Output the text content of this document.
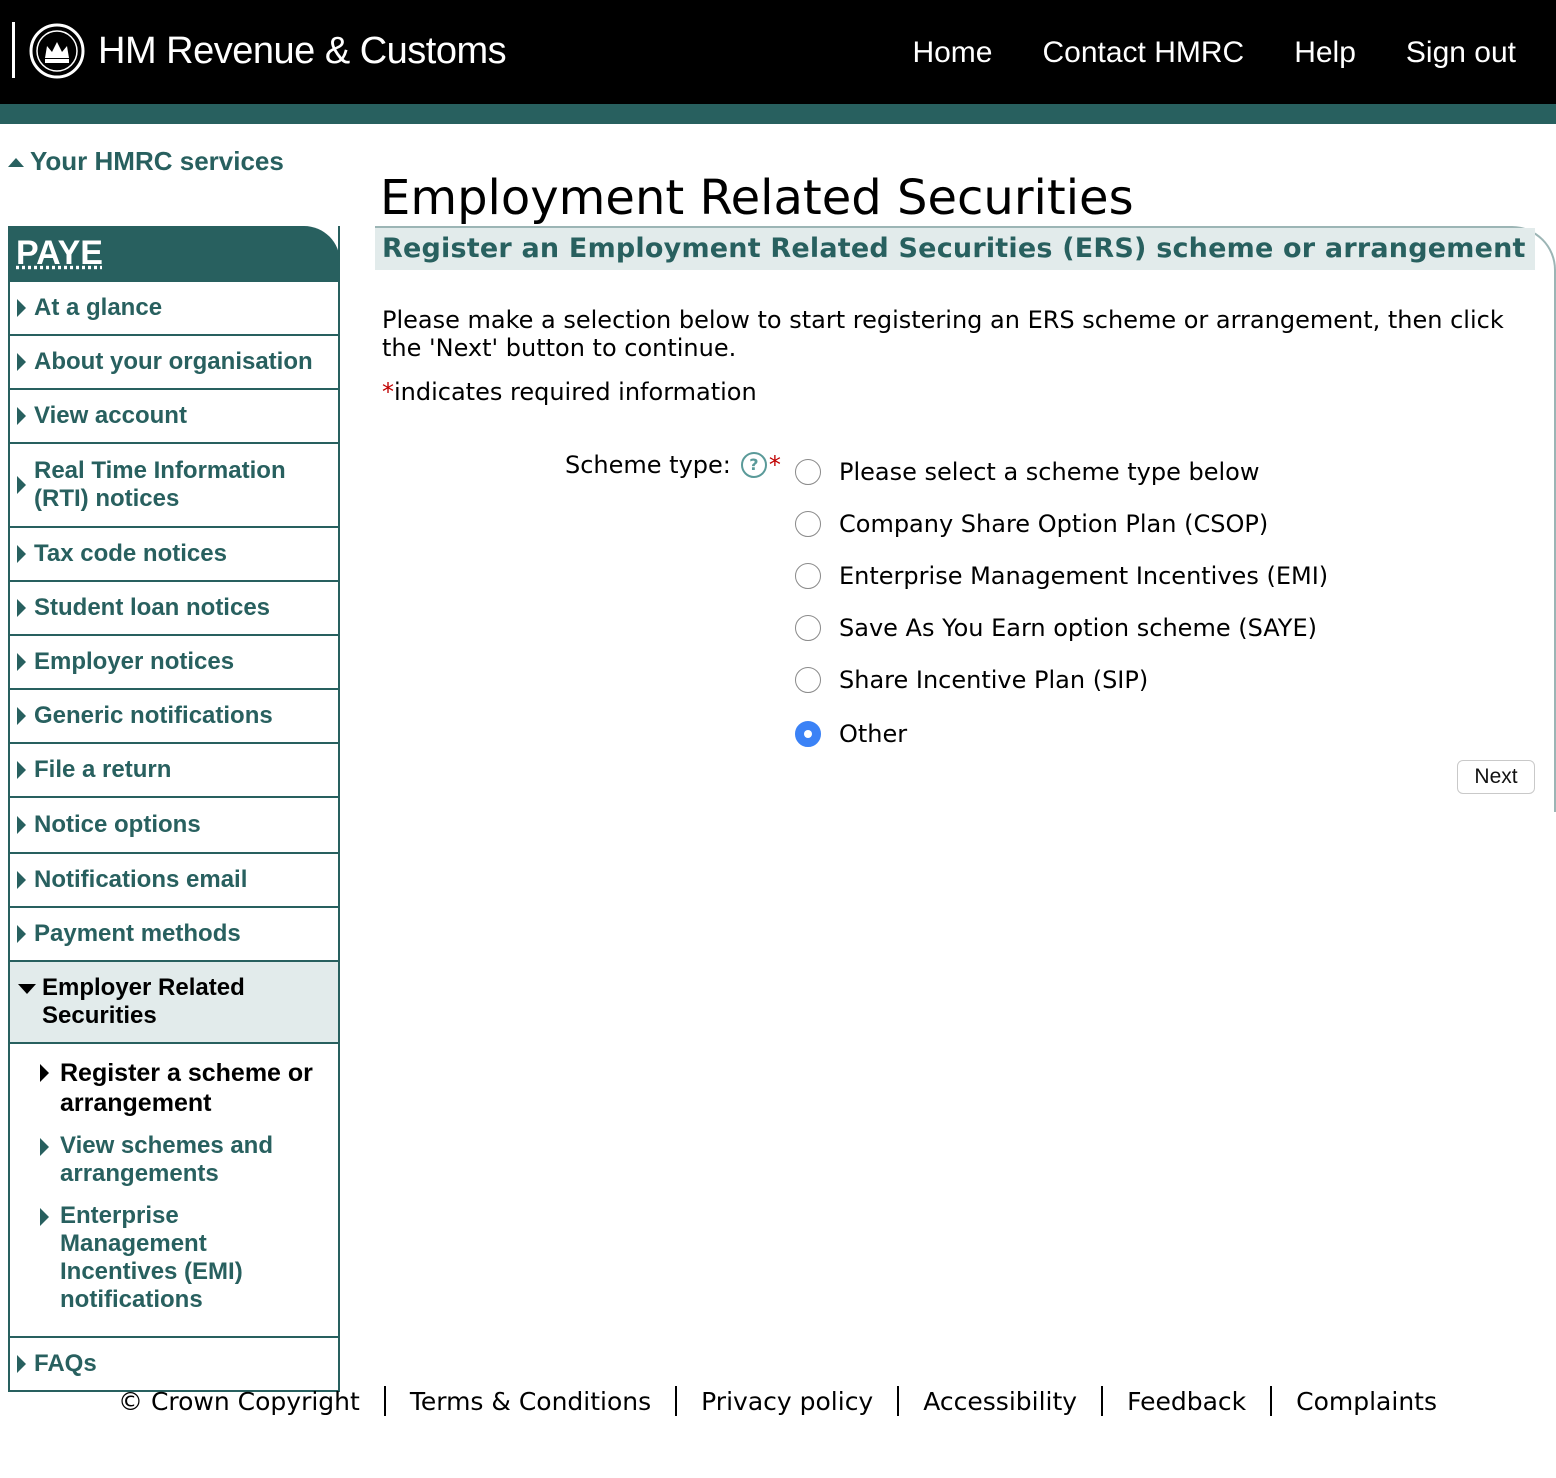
HM Revenue & Customs	Home Contact HMRC Help Sign out
Your HMRC services
PAYE
At a glance
About your organisation
View account
Real Time Information (RTI) notices
Tax code notices
Student loan notices
Employer notices
Generic notifications
File a return
Notice options
Notifications email
Payment methods
Employer Related Securities
Register a scheme or arrangement
View schemes and arrangements
Enterprise Management Incentives (EMI) notifications
FAQs
Employment Related Securities
Register an Employment Related Securities (ERS) scheme or arrangement
Please make a selection below to start registering an ERS scheme or arrangement, then click the 'Next' button to continue.
*indicates required information
Scheme type:	? * Please select a scheme type below
Company Share Option Plan (CSOP)
Enterprise Management Incentives (EMI)
Save As You Earn option scheme (SAYE)
Share Incentive Plan (SIP)
Other
Next
© Crown Copyright	Terms & Conditions	Privacy policy	Accessibility	Feedback	Complaints
